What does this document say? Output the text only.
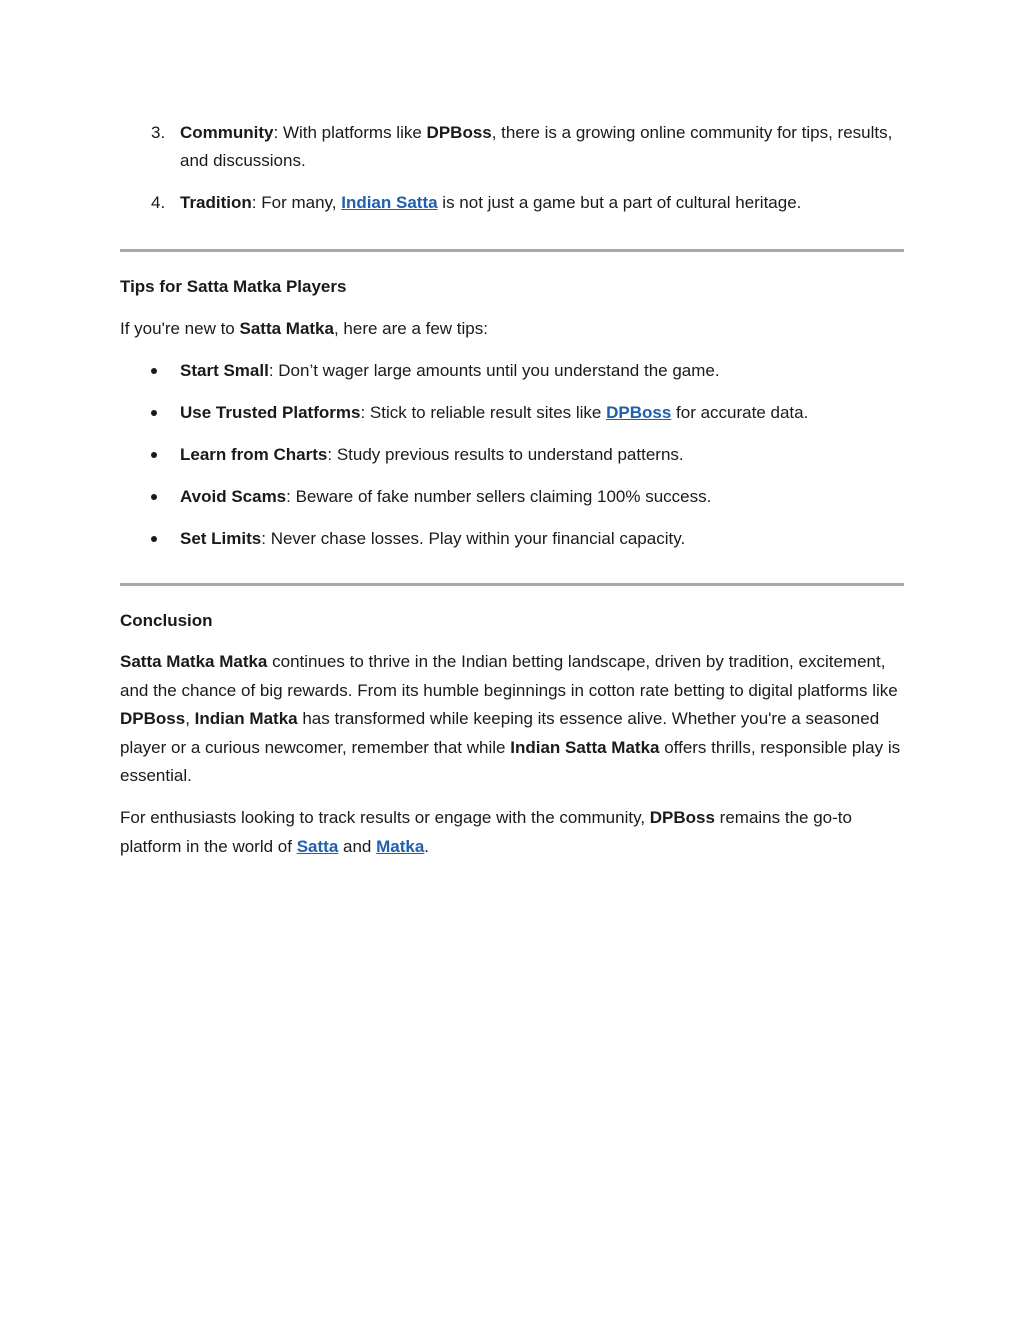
3. Community: With platforms like DPBoss, there is a growing online community for tips, results, and discussions.
4. Tradition: For many, Indian Satta is not just a game but a part of cultural heritage.
Tips for Satta Matka Players
If you're new to Satta Matka, here are a few tips:
Start Small: Don’t wager large amounts until you understand the game.
Use Trusted Platforms: Stick to reliable result sites like DPBoss for accurate data.
Learn from Charts: Study previous results to understand patterns.
Avoid Scams: Beware of fake number sellers claiming 100% success.
Set Limits: Never chase losses. Play within your financial capacity.
Conclusion
Satta Matka Matka continues to thrive in the Indian betting landscape, driven by tradition, excitement, and the chance of big rewards. From its humble beginnings in cotton rate betting to digital platforms like DPBoss, Indian Matka has transformed while keeping its essence alive. Whether you're a seasoned player or a curious newcomer, remember that while Indian Satta Matka offers thrills, responsible play is essential.
For enthusiasts looking to track results or engage with the community, DPBoss remains the go-to platform in the world of Satta and Matka.
